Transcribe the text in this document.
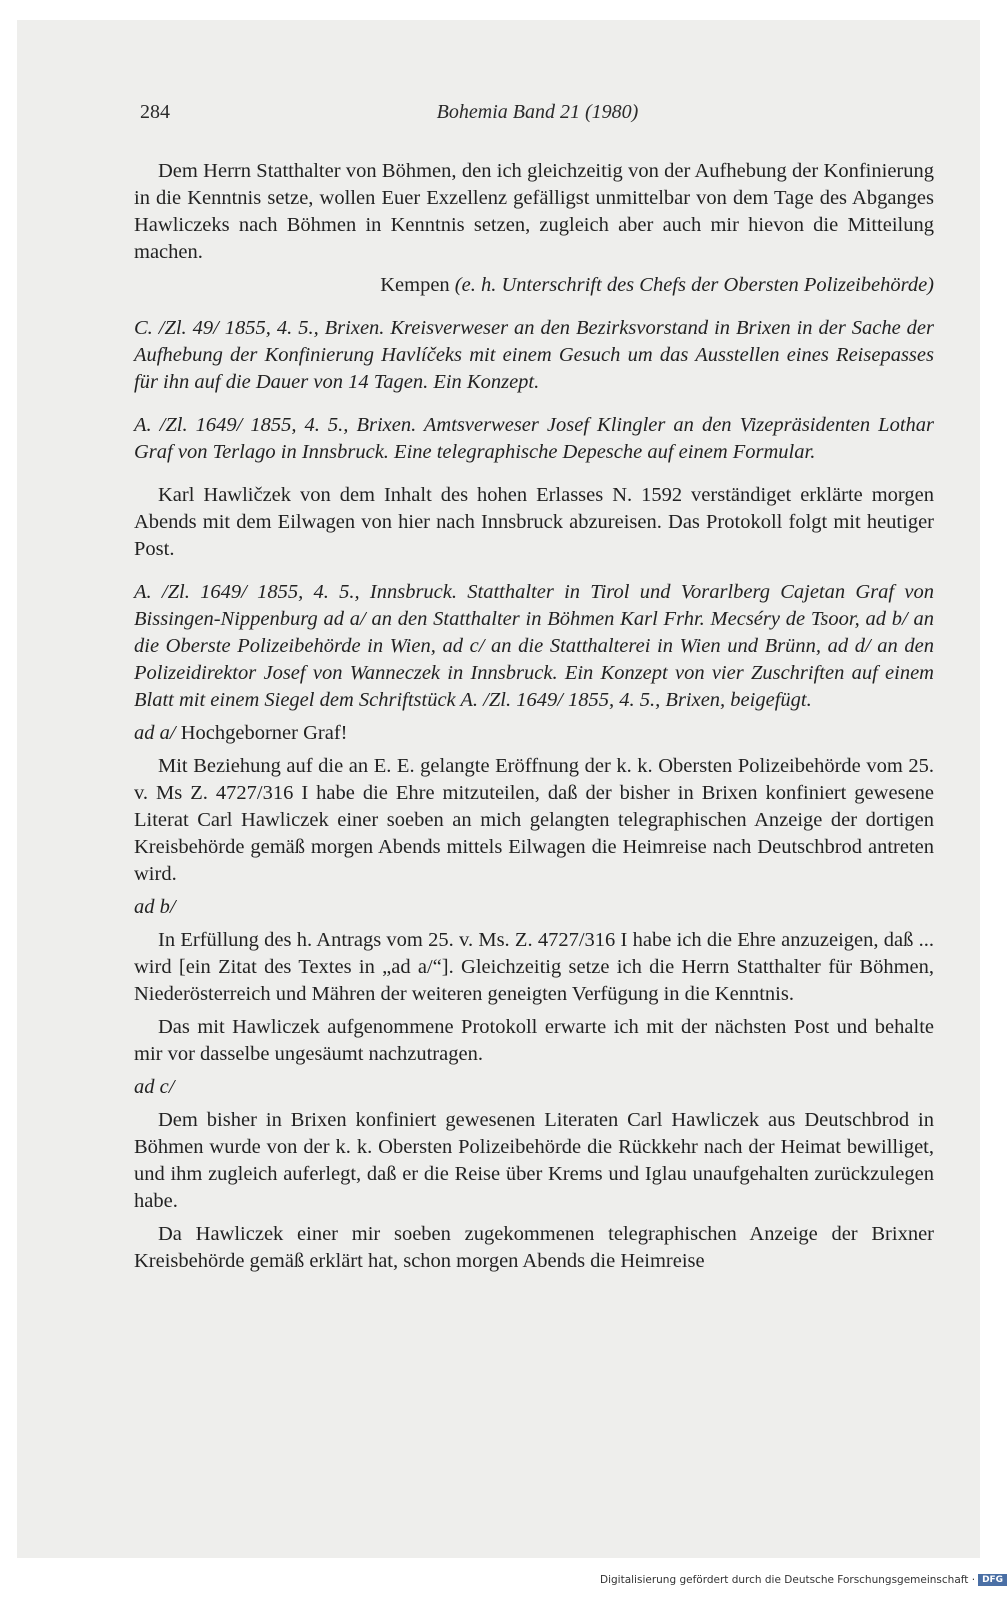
284	Bohemia Band 21 (1980)

Dem Herrn Statthalter von Böhmen, den ich gleichzeitig von der Aufhebung der Konfinierung in die Kenntnis setze, wollen Euer Exzellenz gefälligst unmittelbar von dem Tage des Abganges Hawliczeks nach Böhmen in Kenntnis setzen, zugleich aber auch mir hievon die Mitteilung machen.

Kempen (e. h. Unterschrift des Chefs der Obersten Polizeibehörde)

C. /Zl. 49/ 1855, 4. 5., Brixen. Kreisverweser an den Bezirksvorstand in Brixen in der Sache der Aufhebung der Konfinierung Havlíčeks mit einem Gesuch um das Ausstellen eines Reisepasses für ihn auf die Dauer von 14 Tagen. Ein Konzept.

A. /Zl. 1649/ 1855, 4. 5., Brixen. Amtsverweser Josef Klingler an den Vizepräsidenten Lothar Graf von Terlago in Innsbruck. Eine telegraphische Depesche auf einem Formular.

Karl Hawličzek von dem Inhalt des hohen Erlasses N. 1592 verständiget erklärte morgen Abends mit dem Eilwagen von hier nach Innsbruck abzureisen. Das Protokoll folgt mit heutiger Post.

A. /Zl. 1649/ 1855, 4. 5., Innsbruck. Statthalter in Tirol und Vorarlberg Cajetan Graf von Bissingen-Nippenburg ad a/ an den Statthalter in Böhmen Karl Frhr. Mecséry de Tsoor, ad b/ an die Oberste Polizeibehörde in Wien, ad c/ an die Statthalterei in Wien und Brünn, ad d/ an den Polizeidirektor Josef von Wanneczek in Innsbruck. Ein Konzept von vier Zuschriften auf einem Blatt mit einem Siegel dem Schriftstück A. /Zl. 1649/ 1855, 4. 5., Brixen, beigefügt.

ad a/ Hochgeborner Graf!

Mit Beziehung auf die an E. E. gelangte Eröffnung der k. k. Obersten Polizeibehörde vom 25. v. Ms Z. 4727/316 I habe die Ehre mitzuteilen, daß der bisher in Brixen konfiniert gewesene Literat Carl Hawliczek einer soeben an mich gelangten telegraphischen Anzeige der dortigen Kreisbehörde gemäß morgen Abends mittels Eilwagen die Heimreise nach Deutschbrod antreten wird.

ad b/

In Erfüllung des h. Antrags vom 25. v. Ms. Z. 4727/316 I habe ich die Ehre anzuzeigen, daß ... wird [ein Zitat des Textes in „ad a/“]. Gleichzeitig setze ich die Herrn Statthalter für Böhmen, Niederösterreich und Mähren der weiteren geneigten Verfügung in die Kenntnis.

Das mit Hawliczek aufgenommene Protokoll erwarte ich mit der nächsten Post und behalte mir vor dasselbe ungesäumt nachzutragen.

ad c/

Dem bisher in Brixen konfiniert gewesenen Literaten Carl Hawliczek aus Deutschbrod in Böhmen wurde von der k. k. Obersten Polizeibehörde die Rückkehr nach der Heimat bewilliget, und ihm zugleich auferlegt, daß er die Reise über Krems und Iglau unaufgehalten zurückzulegen habe.

Da Hawliczek einer mir soeben zugekommenen telegraphischen Anzeige der Brixner Kreisbehörde gemäß erklärt hat, schon morgen Abends die Heimreise

Digitalisierung gefördert durch die Deutsche Forschungsgemeinschaft · DFG
